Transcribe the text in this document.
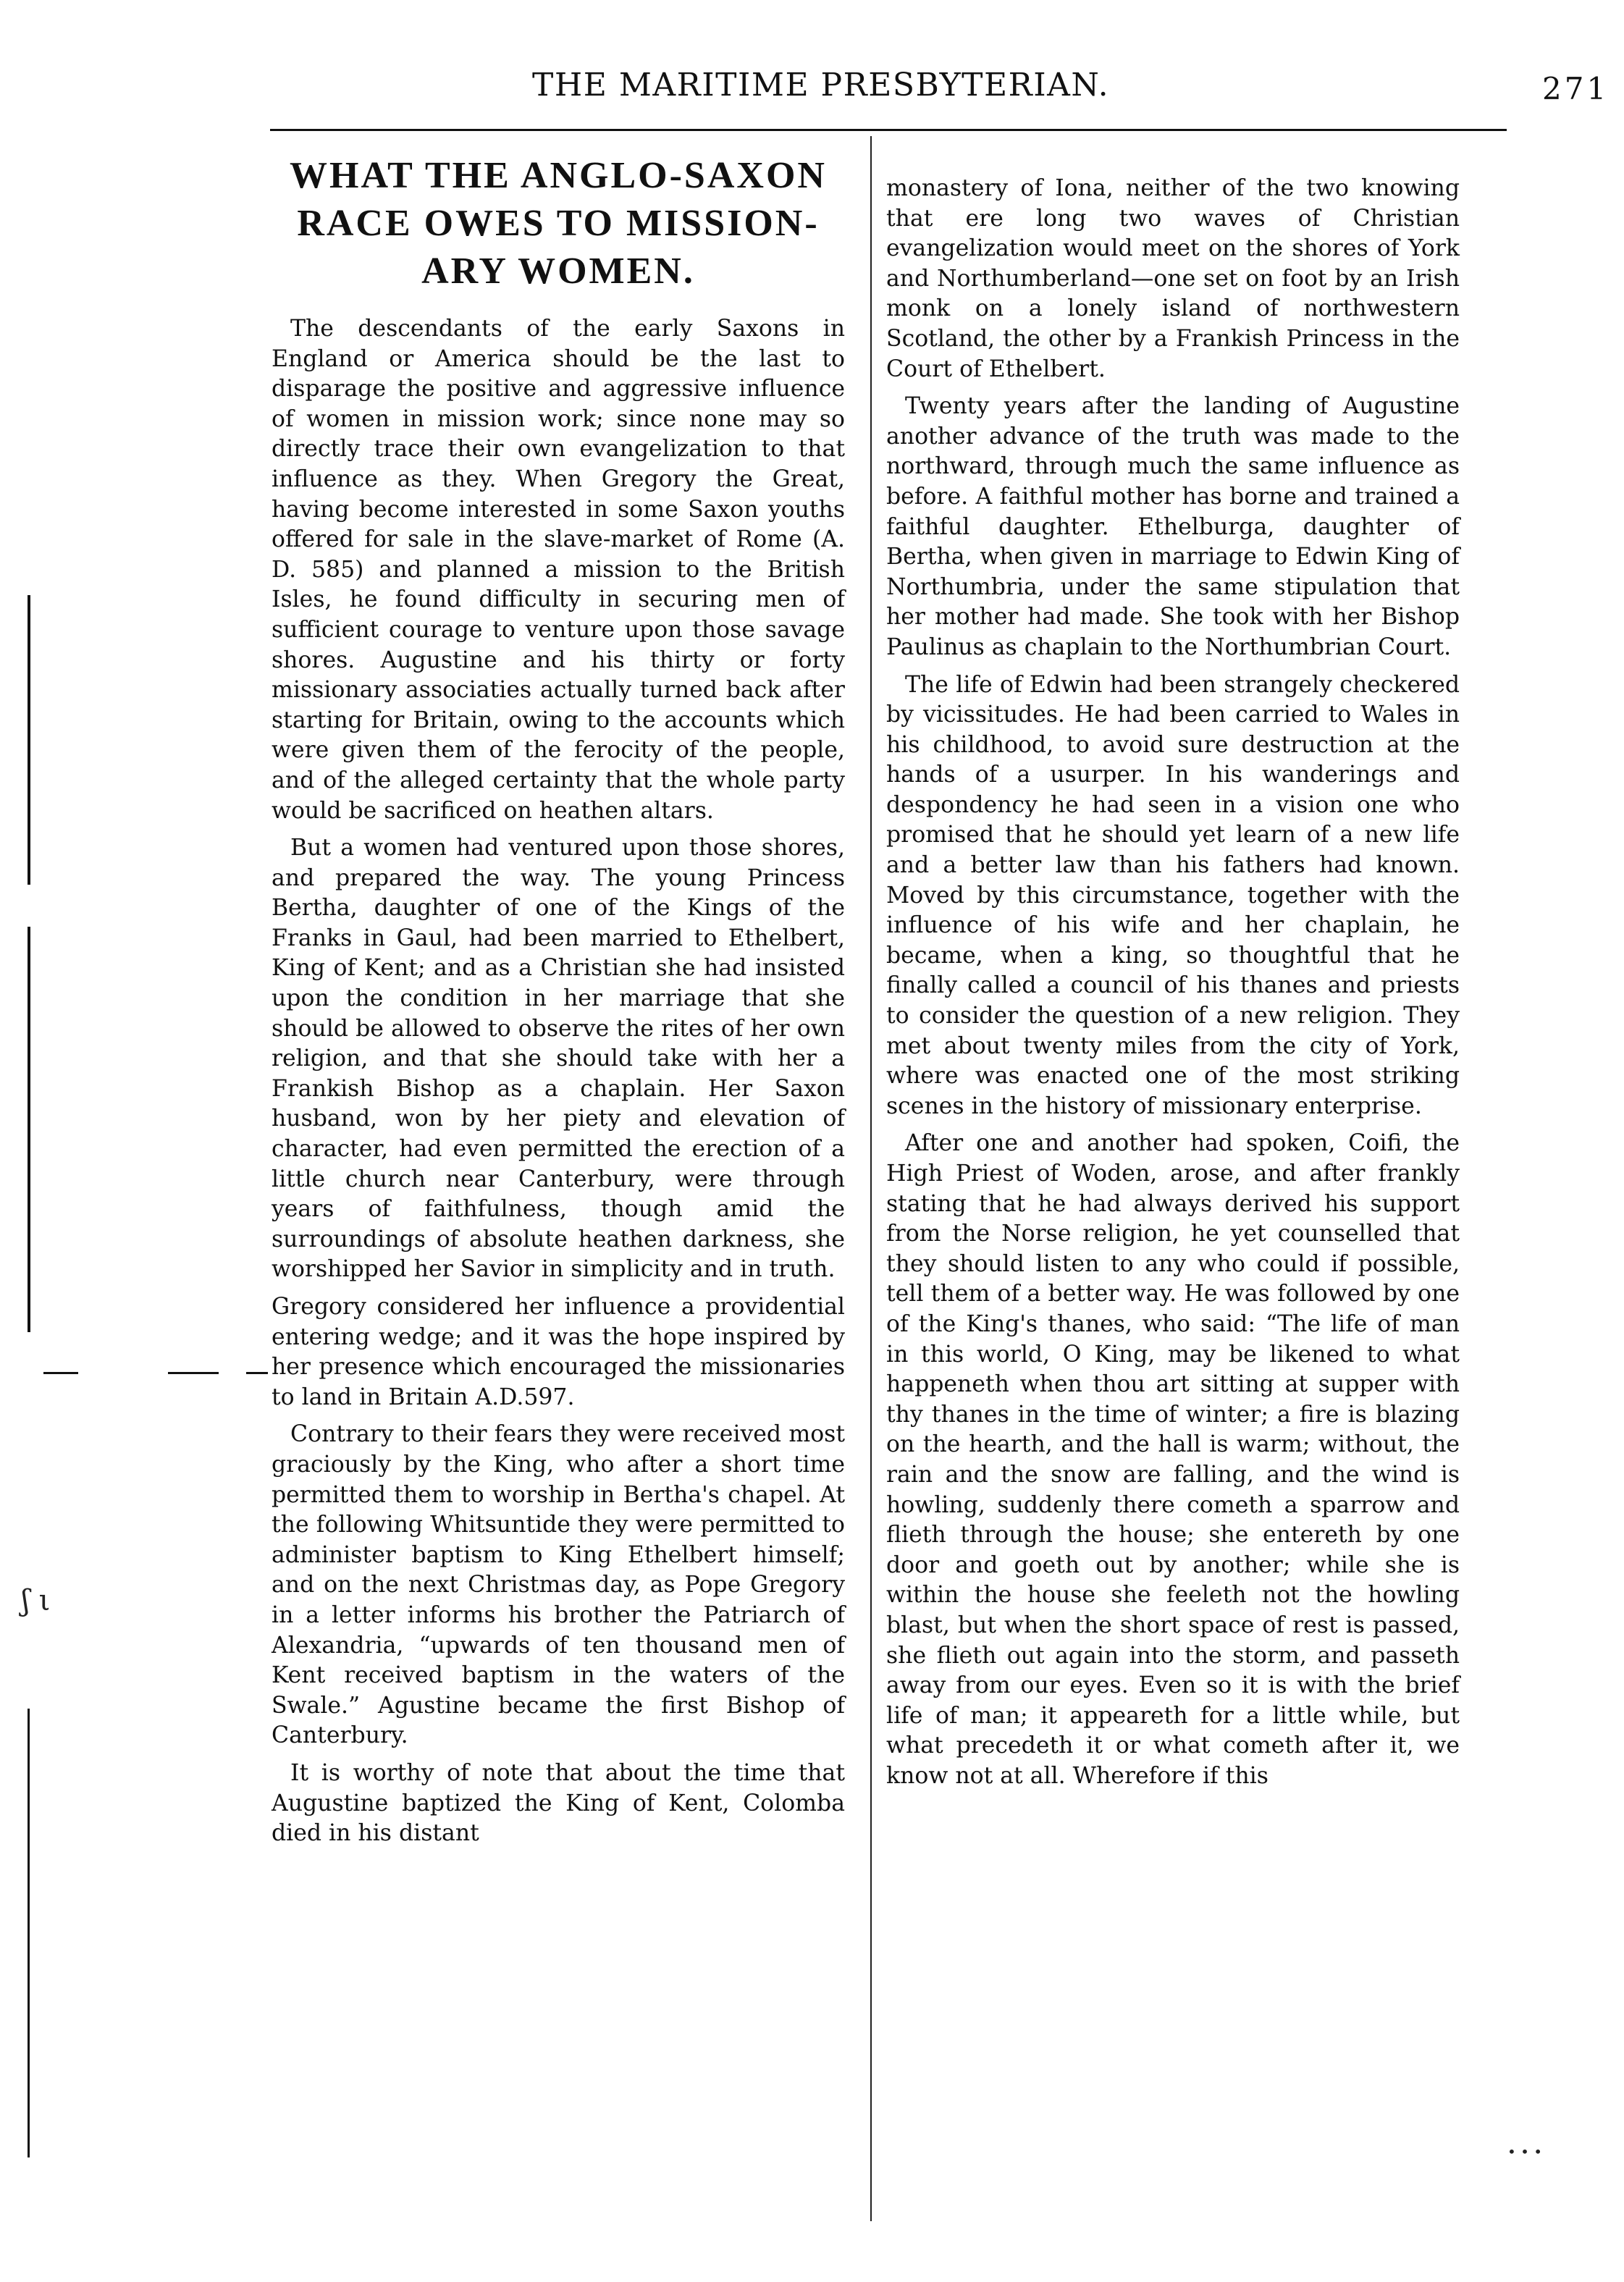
THE MARITIME PRESBYTERIAN.	271
ʃ ι
• • •
WHAT THE ANGLO-SAXON RACE OWES TO MISSION- ARY WOMEN.

The descendants of the early Saxons in England or America should be the last to disparage the positive and aggressive influence of women in mission work; since none may so directly trace their own evangelization to that influence as they. When Gregory the Great, having become interested in some Saxon youths offered for sale in the slave-market of Rome (A. D. 585) and planned a mission to the British Isles, he found difficulty in securing men of sufficient courage to venture upon those savage shores. Augustine and his thirty or forty missionary associaties actually turned back after starting for Britain, owing to the accounts which were given them of the ferocity of the people, and of the alleged certainty that the whole party would be sacrificed on heathen altars.

But a women had ventured upon those shores, and prepared the way. The young Princess Bertha, daughter of one of the Kings of the Franks in Gaul, had been married to Ethelbert, King of Kent; and as a Christian she had insisted upon the condition in her marriage that she should be allowed to observe the rites of her own religion, and that she should take with her a Frankish Bishop as a chaplain. Her Saxon husband, won by her piety and elevation of character, had even permitted the erection of a little church near Canterbury, were through years of faithfulness, though amid the surroundings of absolute heathen darkness, she worshipped her Savior in simplicity and in truth.

Gregory considered her influence a providential entering wedge; and it was the hope inspired by her presence which encouraged the missionaries to land in Britain A.D.597.

Contrary to their fears they were received most graciously by the King, who after a short time permitted them to worship in Bertha's chapel. At the following Whitsuntide they were permitted to administer baptism to King Ethelbert himself; and on the next Christmas day, as Pope Gregory in a letter informs his brother the Patriarch of Alexandria, “upwards of ten thousand men of Kent received baptism in the waters of the Swale.” Agustine became the first Bishop of Canterbury.

It is worthy of note that about the time that Augustine baptized the King of Kent, Colomba died in his distant

monastery of Iona, neither of the two knowing that ere long two waves of Christian evangelization would meet on the shores of York and Northumberland—one set on foot by an Irish monk on a lonely island of northwestern Scotland, the other by a Frankish Princess in the Court of Ethelbert.

Twenty years after the landing of Augustine another advance of the truth was made to the northward, through much the same influence as before. A faithful mother has borne and trained a faithful daughter. Ethelburga, daughter of Bertha, when given in marriage to Edwin King of Northumbria, under the same stipulation that her mother had made. She took with her Bishop Paulinus as chaplain to the Northumbrian Court.

The life of Edwin had been strangely checkered by vicissitudes. He had been carried to Wales in his childhood, to avoid sure destruction at the hands of a usurper. In his wanderings and despondency he had seen in a vision one who promised that he should yet learn of a new life and a better law than his fathers had known. Moved by this circumstance, together with the influence of his wife and her chaplain, he became, when a king, so thoughtful that he finally called a council of his thanes and priests to consider the question of a new religion. They met about twenty miles from the city of York, where was enacted one of the most striking scenes in the history of missionary enterprise.

After one and another had spoken, Coifi, the High Priest of Woden, arose, and after frankly stating that he had always derived his support from the Norse religion, he yet counselled that they should listen to any who could if possible, tell them of a better way. He was followed by one of the King's thanes, who said: “The life of man in this world, O King, may be likened to what happeneth when thou art sitting at supper with thy thanes in the time of winter; a fire is blazing on the hearth, and the hall is warm; without, the rain and the snow are falling, and the wind is howling, suddenly there cometh a sparrow and flieth through the house; she entereth by one door and goeth out by another; while she is within the house she feeleth not the howling blast, but when the short space of rest is passed, she flieth out again into the storm, and passeth away from our eyes. Even so it is with the brief life of man; it appeareth for a little while, but what precedeth it or what cometh after it, we know not at all. Wherefore if this
